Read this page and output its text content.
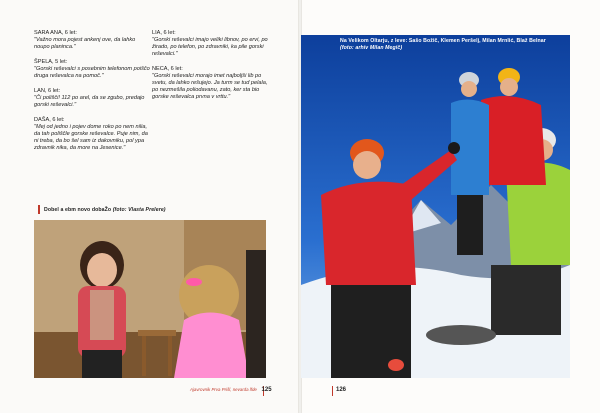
SARA ANA, 6 let:
"Važno mora pojest ankenj ove, da lahko noupo planinca."
ŠPELA, 5 let:
"Gorski reševalci s posebnim telefonom poiščo druga reševalca na pomoč."
LAN, 6 let:
"Či polišči! 112 po arel, da se zgubo, predajo gorski reševalci."
DAŠA, 6 let:
"Mej od jedno i pojev dome roko po nem nilia, da tah poliščle gorske reševalce. Puje nim, da ni treba, da bo šel sam iz dakovniku, pol ypa zdravnik nika, da more na Jesenice."
LIA, 6 let:
"Gorski reševalci imajo veliki libnov, po ervi, po žirado, po telefon, po zdravniki, ka pile gorski reševalci."
NECA, 6 let:
"Gorski reševalci morajo imet najboljši lib po svetu, da lahko rešujejo. Ja turm se tud pelala, po nezmešila poliodavanu, zato, ker sta bio gorske reševalca prvna v vrttu."
Dobel a ebm novo dobaŽo (foto: Vlasta Prelere)
Ajavrovnik Prva Prišl, nevarda lfde 125	126
Na Velikom Oltarju, z leve: Sašo Božič, Klemen Peršelj, Milan Mrnlić, Blaž Belnar
(foto: arhiv Milan Megič)
